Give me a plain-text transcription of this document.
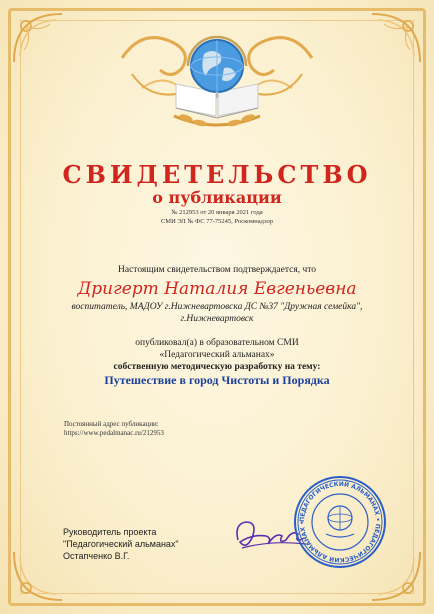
СВИДЕТЕЛЬСТВО
о публикации
№ 212953 от 20 января 2021 года
СМИ ЭЛ № ФС 77-75245, Роскомнадзор
Настоящим свидетельством подтверждается, что
Дригерт Наталия Евгеньевна
воспитатель, МАДОУ г.Нижневартовска ДС №37 "Дружная семейка", г.Нижневартовск
опубликовал(а) в образовательном СМИ
«Педагогический альманах»
собственную методическую разработку на тему:
Путешествие в город Чистоты и Порядка
Постоянный адрес публикации:
https://www.pedalmanac.ru/212953
Руководитель проекта
"Педагогический альманах"
Остапченко В.Г.
ПЕДАГОГИЧЕСКИЙ АЛЬМАНАХ • ПЕДАГОГИЧЕСКИЙ АЛЬМАНАХ •
